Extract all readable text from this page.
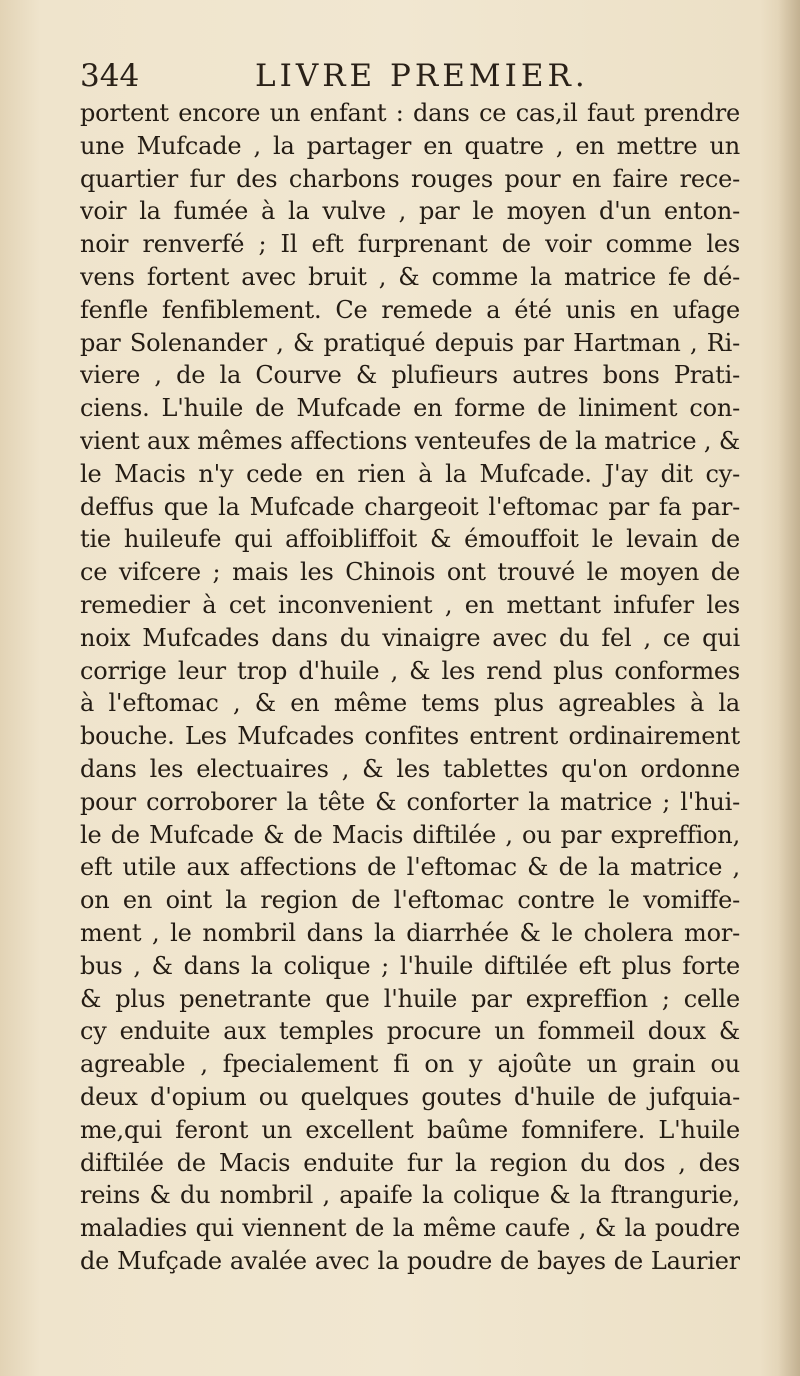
344	LIVRE PREMIER.
portent encore un enfant : dans ce cas,il faut prendre
une Mufcade , la partager en quatre , en mettre un
quartier fur des charbons rouges pour en faire rece-
voir la fumée à la vulve , par le moyen d'un enton-
noir renverfé ; Il eft furprenant de voir comme les
vens fortent avec bruit , & comme la matrice fe dé-
fenfle fenfiblement. Ce remede a été unis en ufage
par Solenander , & pratiqué depuis par Hartman , Ri-
viere , de la Courve & plufieurs autres bons Prati-
ciens. L'huile de Mufcade en forme de liniment con-
vient aux mêmes affections venteufes de la matrice , &
le Macis n'y cede en rien à la Mufcade. J'ay dit cy-
deffus que la Mufcade chargeoit l'eftomac par fa par-
tie huileufe qui affoibliffoit & émouffoit le levain de
ce vifcere ; mais les Chinois ont trouvé le moyen de
remedier à cet inconvenient , en mettant infufer les
noix Mufcades dans du vinaigre avec du fel , ce qui
corrige leur trop d'huile , & les rend plus conformes
à l'eftomac , & en même tems plus agreables à la
bouche. Les Mufcades confites entrent ordinairement
dans les electuaires , & les tablettes qu'on ordonne
pour corroborer la tête & conforter la matrice ; l'hui-
le de Mufcade & de Macis diftilée , ou par expreffion,
eft utile aux affections de l'eftomac & de la matrice ,
on en oint la region de l'eftomac contre le vomiffe-
ment , le nombril dans la diarrhée & le cholera mor-
bus , & dans la colique ; l'huile diftilée eft plus forte
& plus penetrante que l'huile par expreffion ; celle
cy enduite aux temples procure un fommeil doux &
agreable , fpecialement fi on y ajoûte un grain ou
deux d'opium ou quelques goutes d'huile de jufquia-
me,qui feront un excellent baûme fomnifere. L'huile
diftilée de Macis enduite fur la region du dos , des
reins & du nombril , apaife la colique & la ftrangurie,
maladies qui viennent de la même caufe , & la poudre
de Mufçade avalée avec la poudre de bayes de Laurier
